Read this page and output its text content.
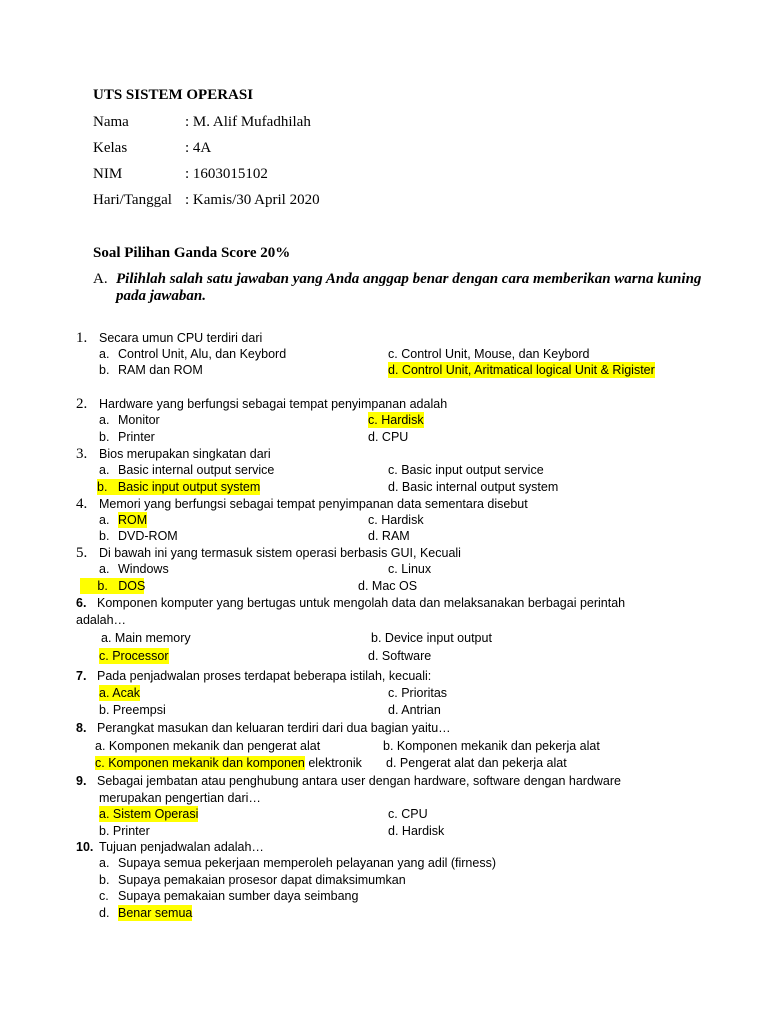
UTS SISTEM OPERASI
Nama	: M. Alif Mufadhilah
Kelas	: 4A
NIM	: 1603015102
Hari/Tanggal : Kamis/30 April 2020
Soal Pilihan Ganda Score 20%
A. Pilihlah salah satu jawaban yang Anda anggap benar dengan cara memberikan warna kuning
pada jawaban.
1. Secara umun CPU terdiri dari
a. Control Unit, Alu, dan Keybord
b. RAM dan ROM
c. Control Unit, Mouse, dan Keybord
d. Control Unit, Aritmatical logical Unit & Rigister
2. Hardware yang berfungsi sebagai tempat penyimpanan adalah
a. Monitor
b. Printer
c. Hardisk
d. CPU
3. Bios merupakan singkatan dari
a. Basic internal output service
b. Basic input output system
c. Basic input output service
d. Basic internal output system
4. Memori yang berfungsi sebagai tempat penyimpanan data sementara disebut
a. ROM
b. DVD-ROM
c. Hardisk
d. RAM
5. Di bawah ini yang termasuk sistem operasi berbasis GUI, Kecuali
a. Windows
b. DOS
c. Linux
d. Mac OS
6. Komponen komputer yang bertugas untuk mengolah data dan melaksanakan berbagai perintah
adalah…
a. Main memory
c. Processor
b. Device input output
d. Software
7. Pada penjadwalan proses terdapat beberapa istilah, kecuali:
a. Acak
b. Preempsi
c. Prioritas
d. Antrian
8. Perangkat masukan dan keluaran terdiri dari dua bagian yaitu…
a. Komponen mekanik dan pengerat alat	b. Komponen mekanik dan pekerja alat
c. Komponen mekanik dan komponen elektronik d. Pengerat alat dan pekerja alat
9. Sebagai jembatan atau penghubung antara user dengan hardware, software dengan hardware
merupakan pengertian dari…
a. Sistem Operasi
b. Printer
c. CPU
d. Hardisk
10. Tujuan penjadwalan adalah…
a. Supaya semua pekerjaan memperoleh pelayanan yang adil (firness)
b. Supaya pemakaian prosesor dapat dimaksimumkan
c. Supaya pemakaian sumber daya seimbang
d. Benar semua
